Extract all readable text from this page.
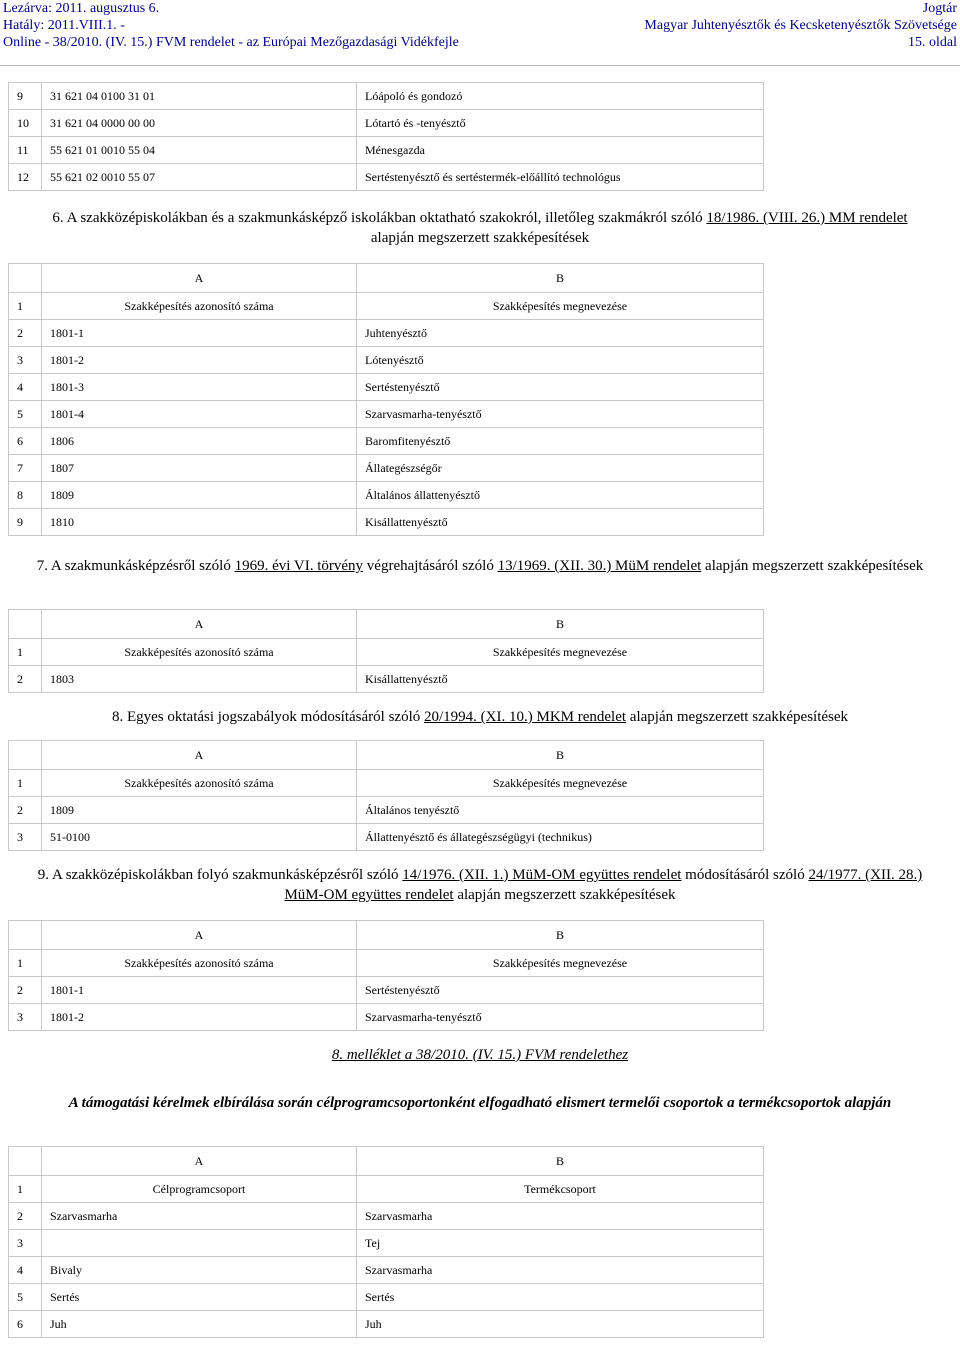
Lezárva: 2011. augusztus 6.
Hatály: 2011.VIII.1. -
Online - 38/2010. (IV. 15.) FVM rendelet - az Európai Mezőgazdasági Vidékfejle
Jogtár
Magyar Juhtenyésztők és Kecsketenyésztők Szövetsége
15. oldal
9	31 621 04 0100 31 01	Lóápoló és gondozó
10	31 621 04 0000 00 00	Lótartó és -tenyésztő
11	55 621 01 0010 55 04	Ménesgazda
12	55 621 02 0010 55 07	Sertéstenyésztő és sertéstermék-előállító technológus
6. A szakközépiskolákban és a szakmunkásképző iskolákban oktatható szakokról, illetőleg szakmákról szóló 18/1986. (VIII. 26.) MM rendelet alapján megszerzett szakképesítések
	A	B
1	Szakképesítés azonosító száma	Szakképesítés megnevezése
2	1801-1	Juhtenyésztő
3	1801-2	Lótenyésztő
4	1801-3	Sertéstenyésztő
5	1801-4	Szarvasmarha-tenyésztő
6	1806	Baromfitenyésztő
7	1807	Állategészségőr
8	1809	Általános állattenyésztő
9	1810	Kisállattenyésztő
7. A szakmunkásképzésről szóló 1969. évi VI. törvény végrehajtásáról szóló 13/1969. (XII. 30.) MüM rendelet alapján megszerzett szakképesítések
	A	B
1	Szakképesítés azonosító száma	Szakképesítés megnevezése
2	1803	Kisállattenyésztő
8. Egyes oktatási jogszabályok módosításáról szóló 20/1994. (XI. 10.) MKM rendelet alapján megszerzett szakképesítések
	A	B
1	Szakképesítés azonosító száma	Szakképesítés megnevezése
2	1809	Általános tenyésztő
3	51-0100	Állattenyésztő és állategészségügyi (technikus)
9. A szakközépiskolákban folyó szakmunkásképzésről szóló 14/1976. (XII. 1.) MüM-OM együttes rendelet módosításáról szóló 24/1977. (XII. 28.) MüM-OM együttes rendelet alapján megszerzett szakképesítések
	A	B
1	Szakképesítés azonosító száma	Szakképesítés megnevezése
2	1801-1	Sertéstenyésztő
3	1801-2	Szarvasmarha-tenyésztő
8. melléklet a 38/2010. (IV. 15.) FVM rendelethez
A támogatási kérelmek elbírálása során célprogramcsoportonként elfogadható elismert termelői csoportok a termékcsoportok alapján
	A	B
1	Célprogramcsoport	Termékcsoport
2	Szarvasmarha	Szarvasmarha
3		Tej
4	Bivaly	Szarvasmarha
5	Sertés	Sertés
6	Juh	Juh
